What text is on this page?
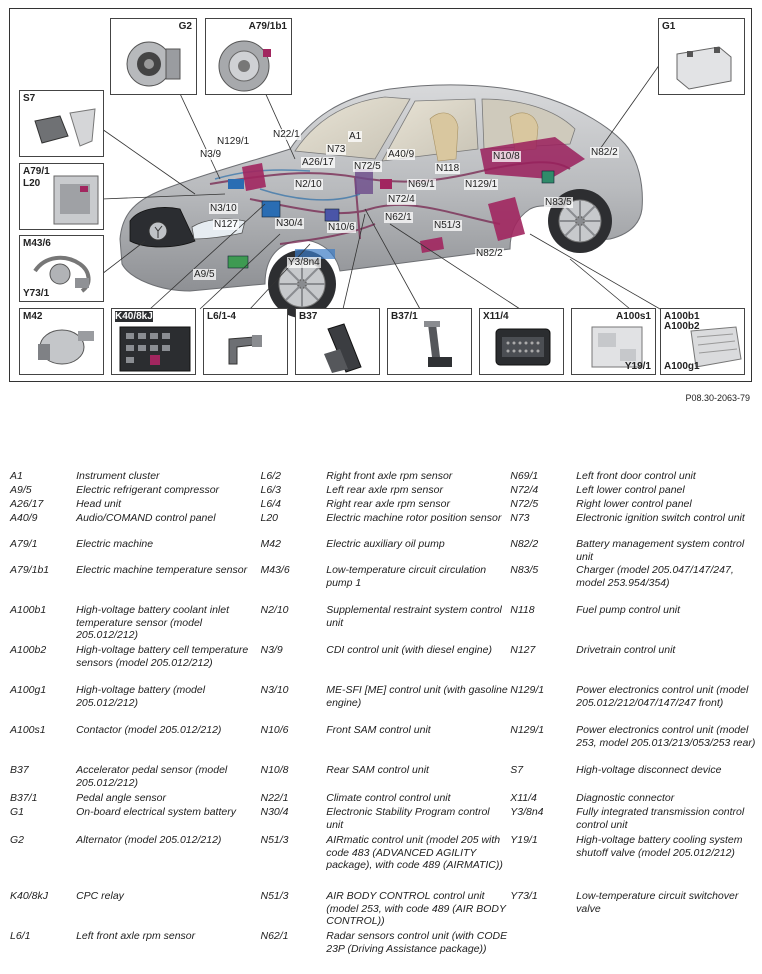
G2	A79/1b1	G1
S7
A79/1
L20
M43/6
Y73/1
M42	K40/8kJ	L6/1-4	B37	B37/1	X11/4	A100s1
Y19/1
A100b1
A100b2
A100g1
N129/1
N22/1
N3/9
A1
N73
A26/17 N72/5
A40/9
N118
N10/8	N82/2
N69/1
N2/10	N129/1
N72/4	N83/5
N3/10
N62/1
N127	N30/4	N10/6	N51/3
N82/2
Y3/8n4
A9/5
P08.30-2063-79
A1	Instrument cluster	L6/2	Right front axle rpm sensor	N69/1	Left front door control unit
A9/5	Electric refrigerant compressor	L6/3	Left rear axle rpm sensor	N72/4	Left lower control panel
A26/17	Head unit	L6/4	Right rear axle rpm sensor	N72/5	Right lower control panel
A40/9	Audio/COMAND control panel	L20	Electric machine rotor position sensor	N73	Electronic ignition switch control unit
A79/1	Electric machine	M42	Electric auxiliary oil pump	N82/2	Battery management system control unit
A79/1b1	Electric machine temperature sensor	M43/6	Low-temperature circuit circulation pump 1	N83/5	Charger (model 205.047/147/247, model 253.954/354)
A100b1	High-voltage battery coolant inlet temperature sensor (model 205.012/212)	N2/10	Supplemental restraint system control unit	N118	Fuel pump control unit
A100b2	High-voltage battery cell temperature sensors (model 205.012/212)	N3/9	CDI control unit (with diesel engine)	N127	Drivetrain control unit
A100g1	High-voltage battery (model 205.012/212)	N3/10	ME-SFI [ME] control unit (with gasoline engine)	N129/1	Power electronics control unit (model 205.012/212/047/147/247 front)
A100s1	Contactor (model 205.012/212)	N10/6	Front SAM control unit	N129/1	Power electronics control unit (model 253, model 205.013/213/053/253 rear)
B37	Accelerator pedal sensor (model 205.012/212)	N10/8	Rear SAM control unit	S7	High-voltage disconnect device
B37/1	Pedal angle sensor	N22/1	Climate control control unit	X11/4	Diagnostic connector
G1	On-board electrical system battery	N30/4	Electronic Stability Program control unit	Y3/8n4	Fully integrated transmission control control unit
G2	Alternator (model 205.012/212)	N51/3	AIRmatic control unit (model 205 with code 483 (ADVANCED AGILITY package), with code 489 (AIRMATIC))	Y19/1	High-voltage battery cooling system shutoff valve (model 205.012/212)
K40/8kJ	CPC relay	N51/3	AIR BODY CONTROL control unit (model 253, with code 489 (AIR BODY CONTROL))	Y73/1	Low-temperature circuit switchover valve
L6/1	Left front axle rpm sensor	N62/1	Radar sensors control unit (with CODE 23P (Driving Assistance package))		
